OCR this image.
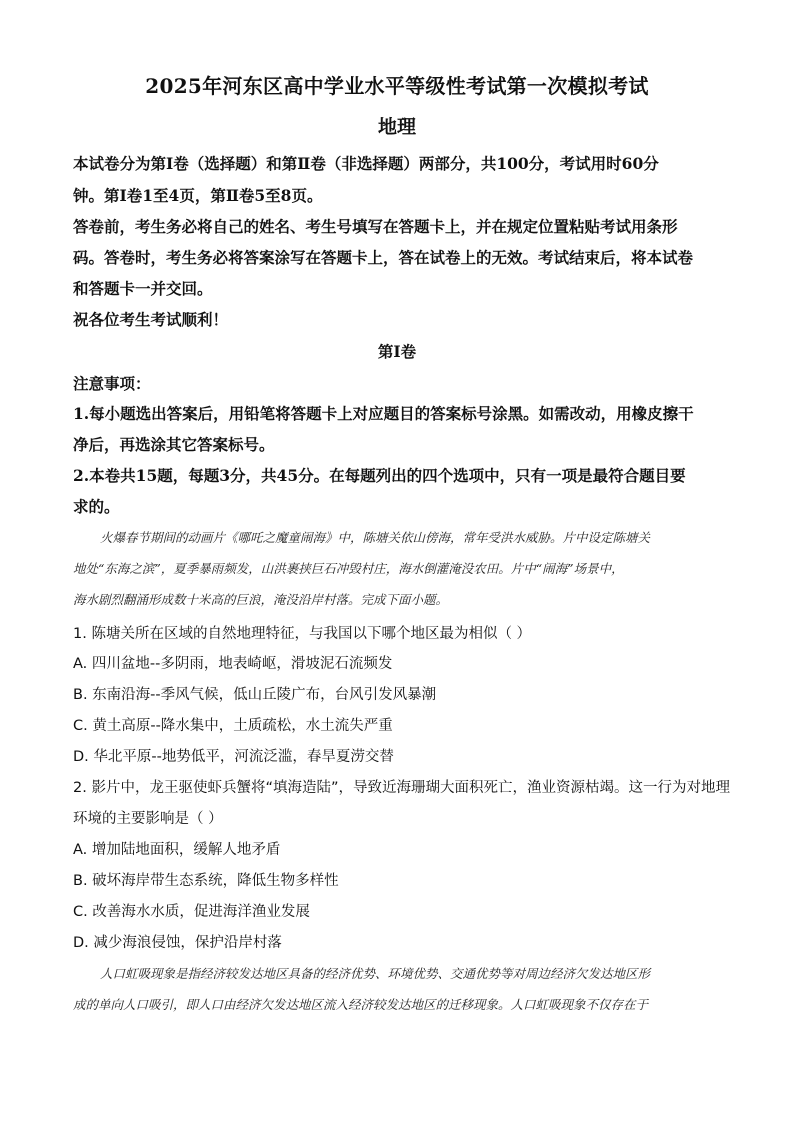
2025年河东区高中学业水平等级性考试第一次模拟考试
地理
本试卷分为第Ⅰ卷（选择题）和第Ⅱ卷（非选择题）两部分，共100分，考试用时60分
钟。第Ⅰ卷1至4页，第Ⅱ卷5至8页。
答卷前，考生务必将自己的姓名、考生号填写在答题卡上，并在规定位置粘贴考试用条形
码。答卷时，考生务必将答案涂写在答题卡上，答在试卷上的无效。考试结束后，将本试卷
和答题卡一并交回。
祝各位考生考试顺利！
第Ⅰ卷
注意事项：
1.每小题选出答案后，用铅笔将答题卡上对应题目的答案标号涂黑。如需改动，用橡皮擦干
净后，再选涂其它答案标号。
2.本卷共15题，每题3分，共45分。在每题列出的四个选项中，只有一项是最符合题目要
求的。
火爆春节期间的动画片《哪吒之魔童闹海》中，陈塘关依山傍海，常年受洪水威胁。片中设定陈塘关
地处“东海之滨”，夏季暴雨频发，山洪裹挟巨石冲毁村庄，海水倒灌淹没农田。片中“闹海”场景中，
海水剧烈翻涌形成数十米高的巨浪，淹没沿岸村落。完成下面小题。
1. 陈塘关所在区域的自然地理特征，与我国以下哪个地区最为相似（ ）
A. 四川盆地--多阴雨，地表崎岖，滑坡泥石流频发
B. 东南沿海--季风气候，低山丘陵广布，台风引发风暴潮
C. 黄土高原--降水集中，土质疏松，水土流失严重
D. 华北平原--地势低平，河流泛滥，春旱夏涝交替
2. 影片中，龙王驱使虾兵蟹将“填海造陆”，导致近海珊瑚大面积死亡，渔业资源枯竭。这一行为对地理
环境的主要影响是（ ）
A. 增加陆地面积，缓解人地矛盾
B. 破坏海岸带生态系统，降低生物多样性
C. 改善海水水质，促进海洋渔业发展
D. 减少海浪侵蚀，保护沿岸村落
人口虹吸现象是指经济较发达地区具备的经济优势、环境优势、交通优势等对周边经济欠发达地区形
成的单向人口吸引，即人口由经济欠发达地区流入经济较发达地区的迁移现象。人口虹吸现象不仅存在于
